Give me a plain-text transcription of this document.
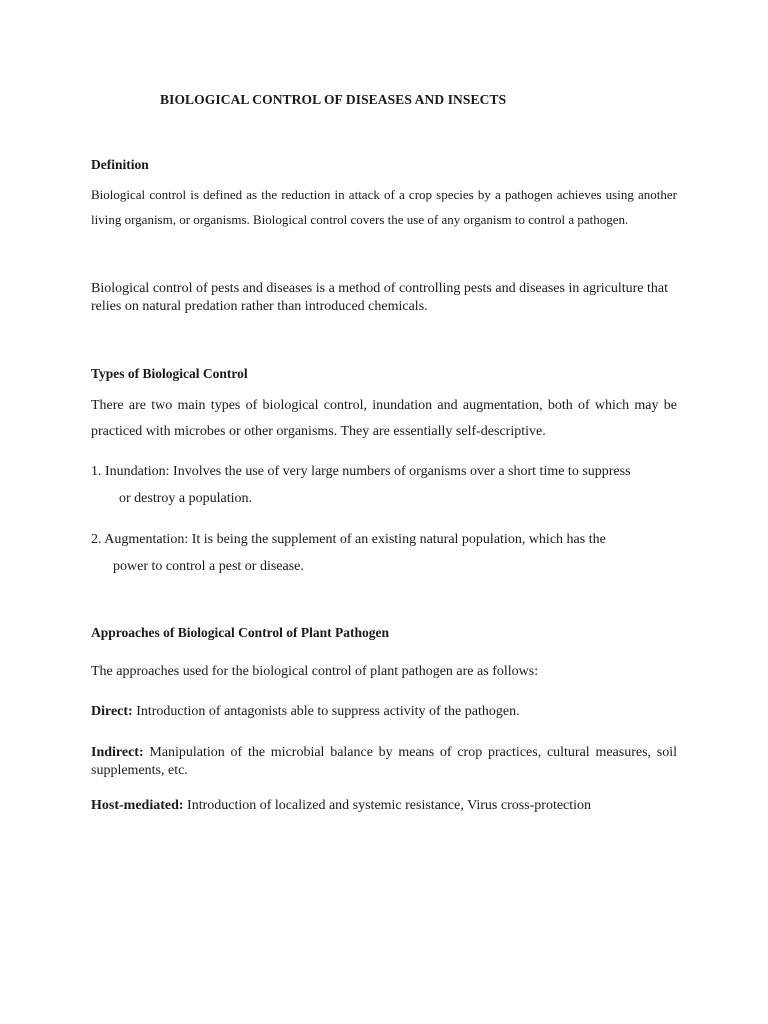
BIOLOGICAL CONTROL OF DISEASES AND INSECTS
Definition
Biological control is defined as the reduction in attack of a crop species by a pathogen achieves using another living organism, or organisms. Biological control covers the use of any organism to control a pathogen.
Biological control of pests and diseases is a method of controlling pests and diseases in agriculture that relies on natural predation rather than introduced chemicals.
Types of Biological Control
There are two main types of biological control, inundation and augmentation, both of which may be practiced with microbes or other organisms. They are essentially self-descriptive.
1. Inundation: Involves the use of very large numbers of organisms over a short time to suppress
or destroy a population.
2. Augmentation: It is being the supplement of an existing natural population, which has the
power to control a pest or disease.
Approaches of Biological Control of Plant Pathogen
The approaches used for the biological control of plant pathogen are as follows:
Direct: Introduction of antagonists able to suppress activity of the pathogen.
Indirect: Manipulation of the microbial balance by means of crop practices, cultural measures, soil supplements, etc.
Host-mediated: Introduction of localized and systemic resistance, Virus cross-protection
